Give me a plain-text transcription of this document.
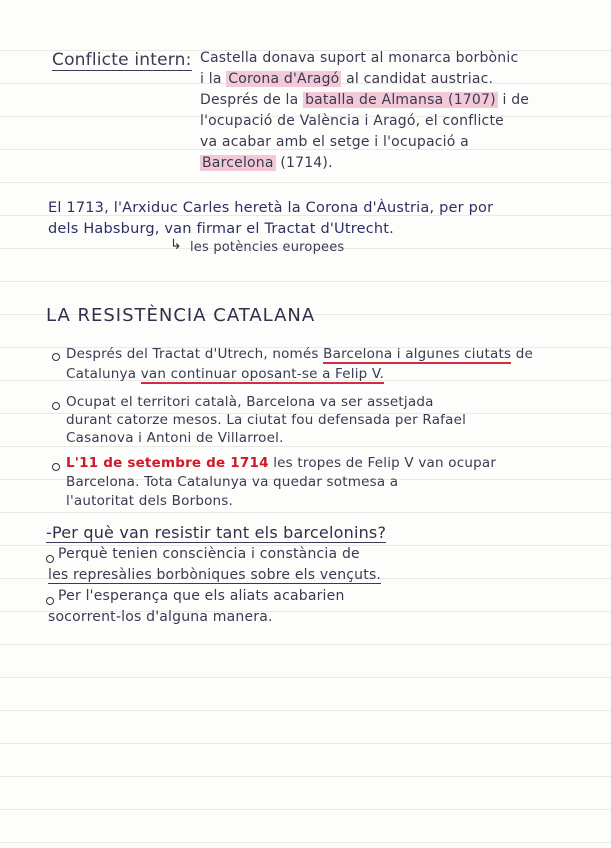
Conflicte intern: Castella donava suport al monarca borbònic
i la Corona d'Aragó al candidat austriac.
Després de la batalla de Almansa (1707) i de
l'ocupació de València i Aragó, el conflicte
va acabar amb el setge i l'ocupació a
Barcelona (1714).
El 1713, l'Arxiduc Carles heretà la Corona d'Àustria, per por
dels Habsburg, van firmar el Tractat d'Utrecht.
↳ les potències europees
LA RESISTÈNCIA CATALANA
Després del Tractat d'Utrech, només Barcelona i algunes ciutats de
Catalunya van continuar oposant-se a Felip V.
Ocupat el territori català, Barcelona va ser assetjada
durant catorze mesos. La ciutat fou defensada per Rafael
Casanova i Antoni de Villarroel.
L'11 de setembre de 1714 les tropes de Felip V van ocupar
Barcelona. Tota Catalunya va quedar sotmesa a
l'autoritat dels Borbons.
-Per què van resistir tant els barcelonins?
Perquè tenien consciència i constància de
les represàlies borbòniques sobre els vençuts.
Per l'esperança que els aliats acabarien
socorrent-los d'alguna manera.
